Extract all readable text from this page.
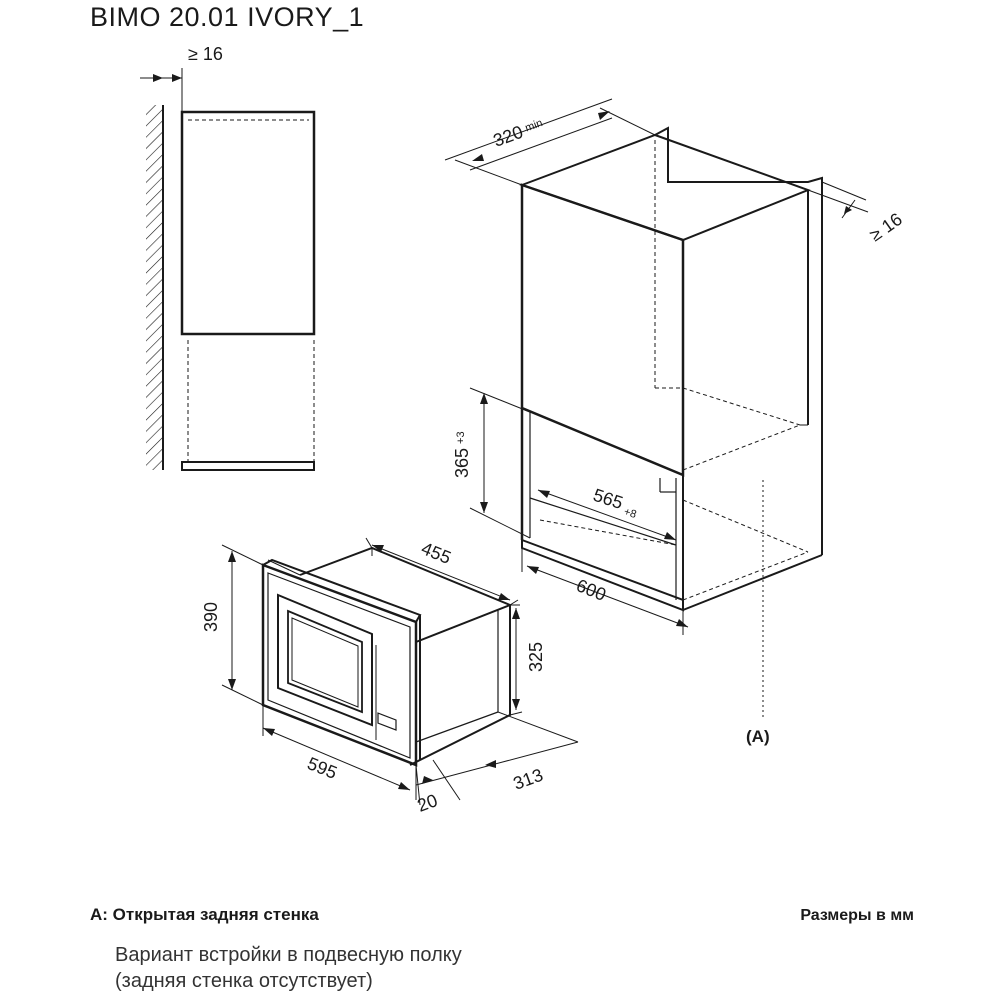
BIMO 20.01 IVORY_1
≥ 16
$320^{min}$
≥ 16
$365^{+3}$
$565_{+8}$
600
(A)
455
390
325
595	313
20
A: Открытая задняя стенка	Размеры в мм
Вариант встройки в подвесную полку
(задняя стенка отсутствует)
